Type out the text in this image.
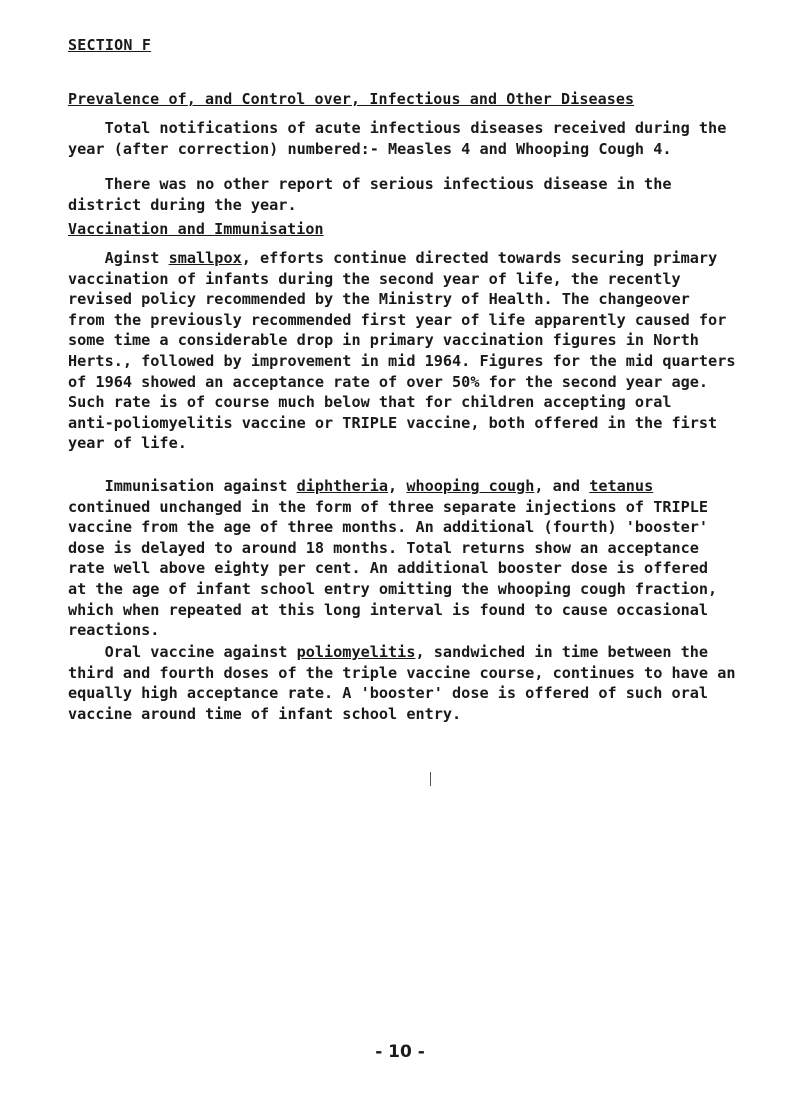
SECTION F
Prevalence of, and Control over, Infectious and Other Diseases

Total notifications of acute infectious diseases received during the
year (after correction) numbered:- Measles 4 and Whooping Cough 4.

There was no other report of serious infectious disease in the
district during the year.

Vaccination and Immunisation

Aginst smallpox, efforts continue directed towards securing primary
vaccination of infants during the second year of life, the recently
revised policy recommended by the Ministry of Health. The changeover
from the previously recommended first year of life apparently caused for
some time a considerable drop in primary vaccination figures in North
Herts., followed by improvement in mid 1964. Figures for the mid quarters
of 1964 showed an acceptance rate of over 50% for the second year age.
Such rate is of course much below that for children accepting oral
anti-poliomyelitis vaccine or TRIPLE vaccine, both offered in the first
year of life.

Immunisation against diphtheria, whooping cough, and tetanus
continued unchanged in the form of three separate injections of TRIPLE
vaccine from the age of three months. An additional (fourth) 'booster'
dose is delayed to around 18 months. Total returns show an acceptance
rate well above eighty per cent. An additional booster dose is offered
at the age of infant school entry omitting the whooping cough fraction,
which when repeated at this long interval is found to cause occasional
reactions.

Oral vaccine against poliomyelitis, sandwiched in time between the
third and fourth doses of the triple vaccine course, continues to have an
equally high acceptance rate. A 'booster' dose is offered of such oral
vaccine around time of infant school entry.

- 10 -
